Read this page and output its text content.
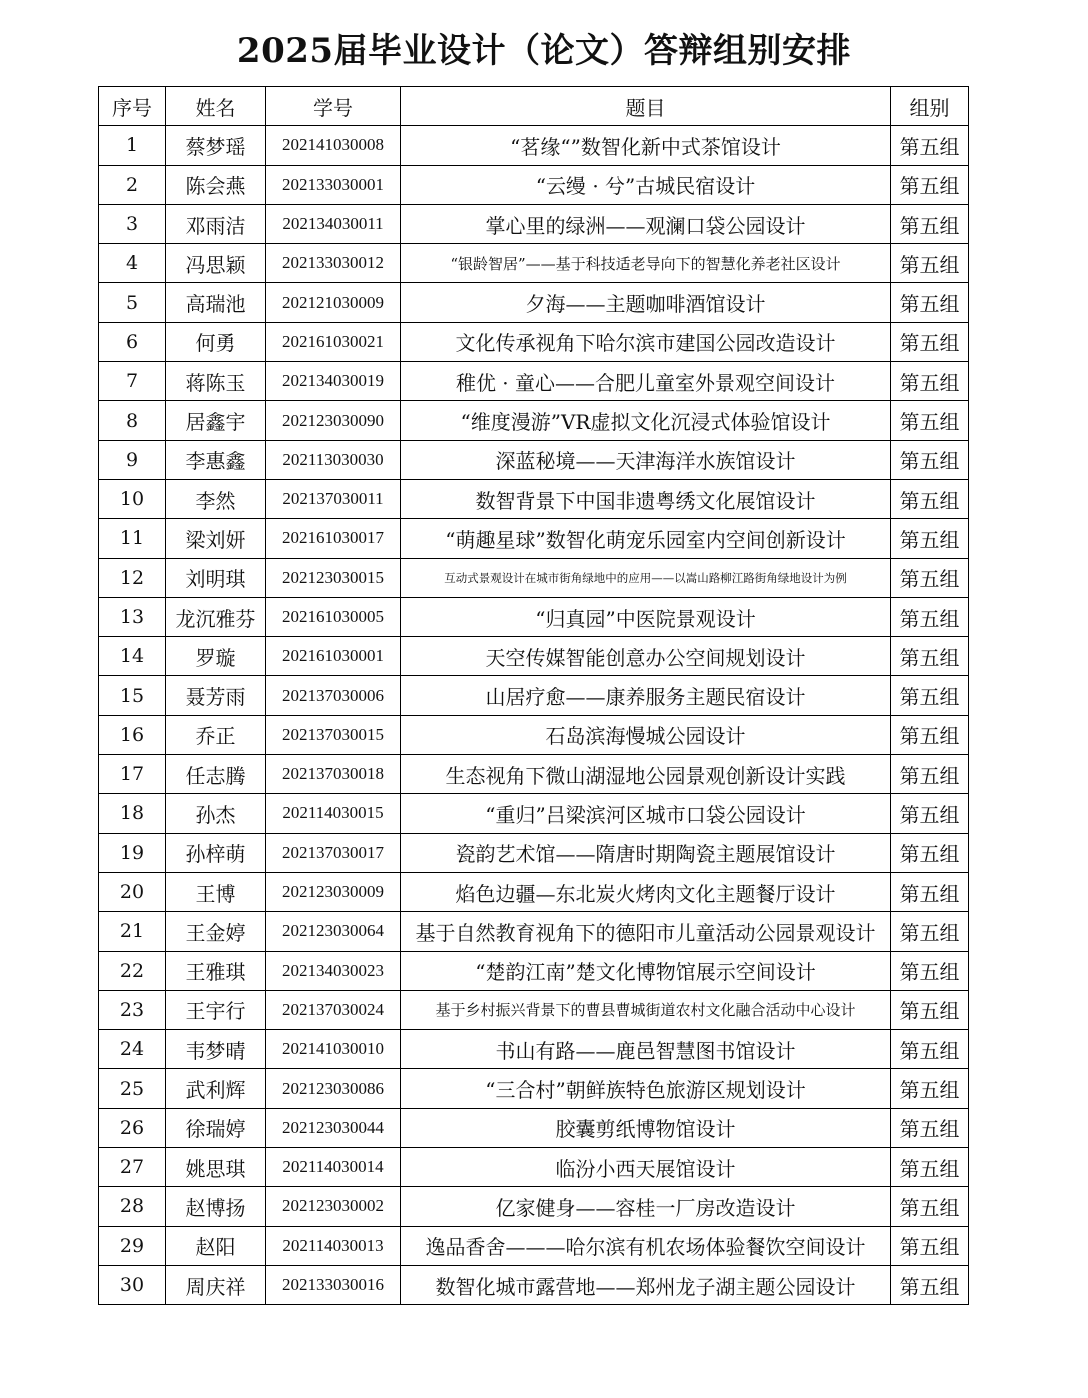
2025届毕业设计（论文）答辩组别安排
序号	姓名	学号	题目	组别
1	蔡梦瑶	202141030008	“茗缘“”数智化新中式茶馆设计	第五组
2	陈会燕	202133030001	“云缦 · 兮”古城民宿设计	第五组
3	邓雨洁	202134030011	掌心里的绿洲——观澜口袋公园设计	第五组
4	冯思颖	202133030012	“银龄智居”——基于科技适老导向下的智慧化养老社区设计	第五组
5	高瑞池	202121030009	夕海——主题咖啡酒馆设计	第五组
6	何勇	202161030021	文化传承视角下哈尔滨市建国公园改造设计	第五组
7	蒋陈玉	202134030019	稚优 · 童心——合肥儿童室外景观空间设计	第五组
8	居鑫宇	202123030090	“维度漫游”VR虚拟文化沉浸式体验馆设计	第五组
9	李惠鑫	202113030030	深蓝秘境——天津海洋水族馆设计	第五组
10	李然	202137030011	数智背景下中国非遗粤绣文化展馆设计	第五组
11	梁刘妍	202161030017	“萌趣星球”数智化萌宠乐园室内空间创新设计	第五组
12	刘明琪	202123030015	互动式景观设计在城市街角绿地中的应用——以嵩山路柳江路街角绿地设计为例	第五组
13	龙沉雅芬	202161030005	“归真园”中医院景观设计	第五组
14	罗璇	202161030001	天空传媒智能创意办公空间规划设计	第五组
15	聂芳雨	202137030006	山居疗愈——康养服务主题民宿设计	第五组
16	乔正	202137030015	石岛滨海慢城公园设计	第五组
17	任志腾	202137030018	生态视角下微山湖湿地公园景观创新设计实践	第五组
18	孙杰	202114030015	“重归”吕梁滨河区城市口袋公园设计	第五组
19	孙梓萌	202137030017	瓷韵艺术馆——隋唐时期陶瓷主题展馆设计	第五组
20	王博	202123030009	焰色边疆—东北炭火烤肉文化主题餐厅设计	第五组
21	王金婷	202123030064	基于自然教育视角下的德阳市儿童活动公园景观设计	第五组
22	王雅琪	202134030023	“楚韵江南”楚文化博物馆展示空间设计	第五组
23	王宇行	202137030024	基于乡村振兴背景下的曹县曹城街道农村文化融合活动中心设计	第五组
24	韦梦晴	202141030010	书山有路——鹿邑智慧图书馆设计	第五组
25	武利辉	202123030086	“三合村”朝鲜族特色旅游区规划设计	第五组
26	徐瑞婷	202123030044	胶囊剪纸博物馆设计	第五组
27	姚思琪	202114030014	临汾小西天展馆设计	第五组
28	赵博扬	202123030002	亿家健身——容桂一厂房改造设计	第五组
29	赵阳	202114030013	逸品香舍———哈尔滨有机农场体验餐饮空间设计	第五组
30	周庆祥	202133030016	数智化城市露营地——郑州龙子湖主题公园设计	第五组
